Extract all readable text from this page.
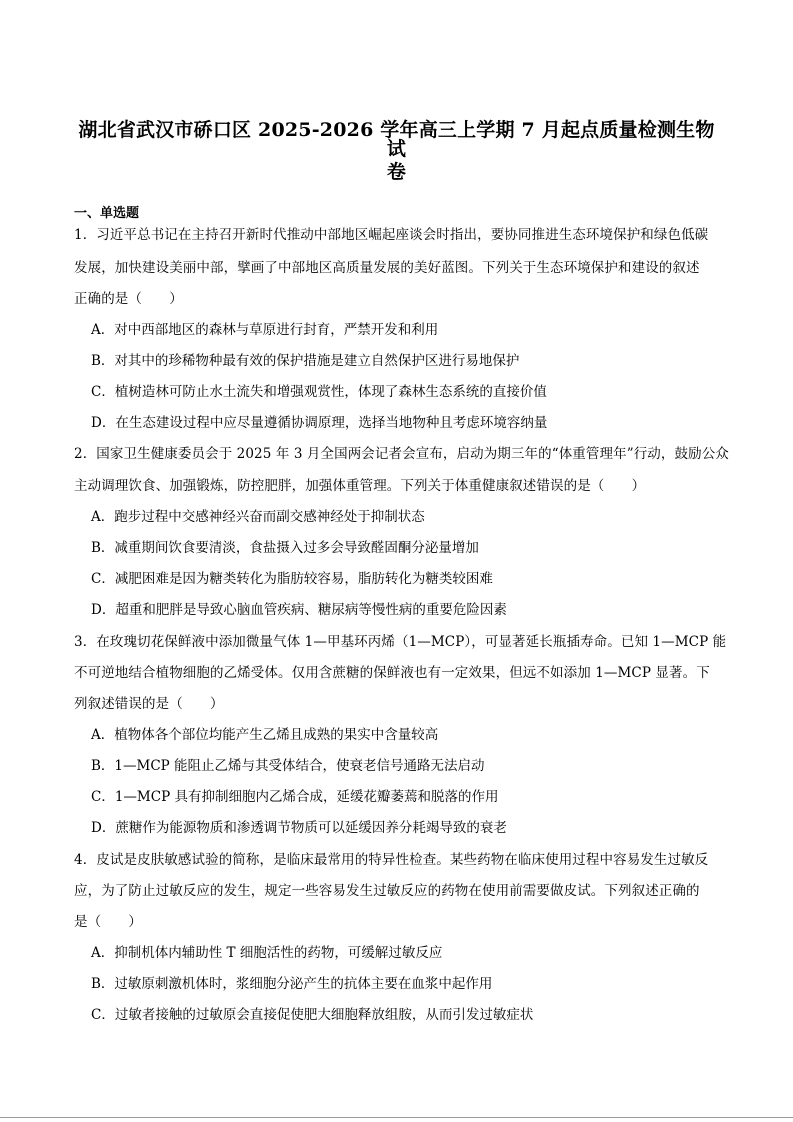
湖北省武汉市硚口区 2025-2026 学年高三上学期 7 月起点质量检测生物试
卷
一、单选题
1．习近平总书记在主持召开新时代推动中部地区崛起座谈会时指出，要协同推进生态环境保护和绿色低碳
发展，加快建设美丽中部，擘画了中部地区高质量发展的美好蓝图。下列关于生态环境保护和建设的叙述
正确的是（　　）
A．对中西部地区的森林与草原进行封育，严禁开发和利用
B．对其中的珍稀物种最有效的保护措施是建立自然保护区进行易地保护
C．植树造林可防止水土流失和增强观赏性，体现了森林生态系统的直接价值
D．在生态建设过程中应尽量遵循协调原理，选择当地物种且考虑环境容纳量
2．国家卫生健康委员会于 2025 年 3 月全国两会记者会宣布，启动为期三年的“体重管理年”行动，鼓励公众
主动调理饮食、加强锻炼，防控肥胖，加强体重管理。下列关于体重健康叙述错误的是（　　）
A．跑步过程中交感神经兴奋而副交感神经处于抑制状态
B．减重期间饮食要清淡，食盐摄入过多会导致醛固酮分泌量增加
C．减肥困难是因为糖类转化为脂肪较容易，脂肪转化为糖类较困难
D．超重和肥胖是导致心脑血管疾病、糖尿病等慢性病的重要危险因素
3．在玫瑰切花保鲜液中添加微量气体 1—甲基环丙烯（1—MCP），可显著延长瓶插寿命。已知 1—MCP 能
不可逆地结合植物细胞的乙烯受体。仅用含蔗糖的保鲜液也有一定效果，但远不如添加 1—MCP 显著。下
列叙述错误的是（　　）
A．植物体各个部位均能产生乙烯且成熟的果实中含量较高
B．1—MCP 能阻止乙烯与其受体结合，使衰老信号通路无法启动
C．1—MCP 具有抑制细胞内乙烯合成，延缓花瓣萎蔫和脱落的作用
D．蔗糖作为能源物质和渗透调节物质可以延缓因养分耗竭导致的衰老
4．皮试是皮肤敏感试验的简称，是临床最常用的特异性检查。某些药物在临床使用过程中容易发生过敏反
应，为了防止过敏反应的发生，规定一些容易发生过敏反应的药物在使用前需要做皮试。下列叙述正确的
是（　　）
A．抑制机体内辅助性 T 细胞活性的药物，可缓解过敏反应
B．过敏原刺激机体时，浆细胞分泌产生的抗体主要在血浆中起作用
C．过敏者接触的过敏原会直接促使肥大细胞释放组胺，从而引发过敏症状
